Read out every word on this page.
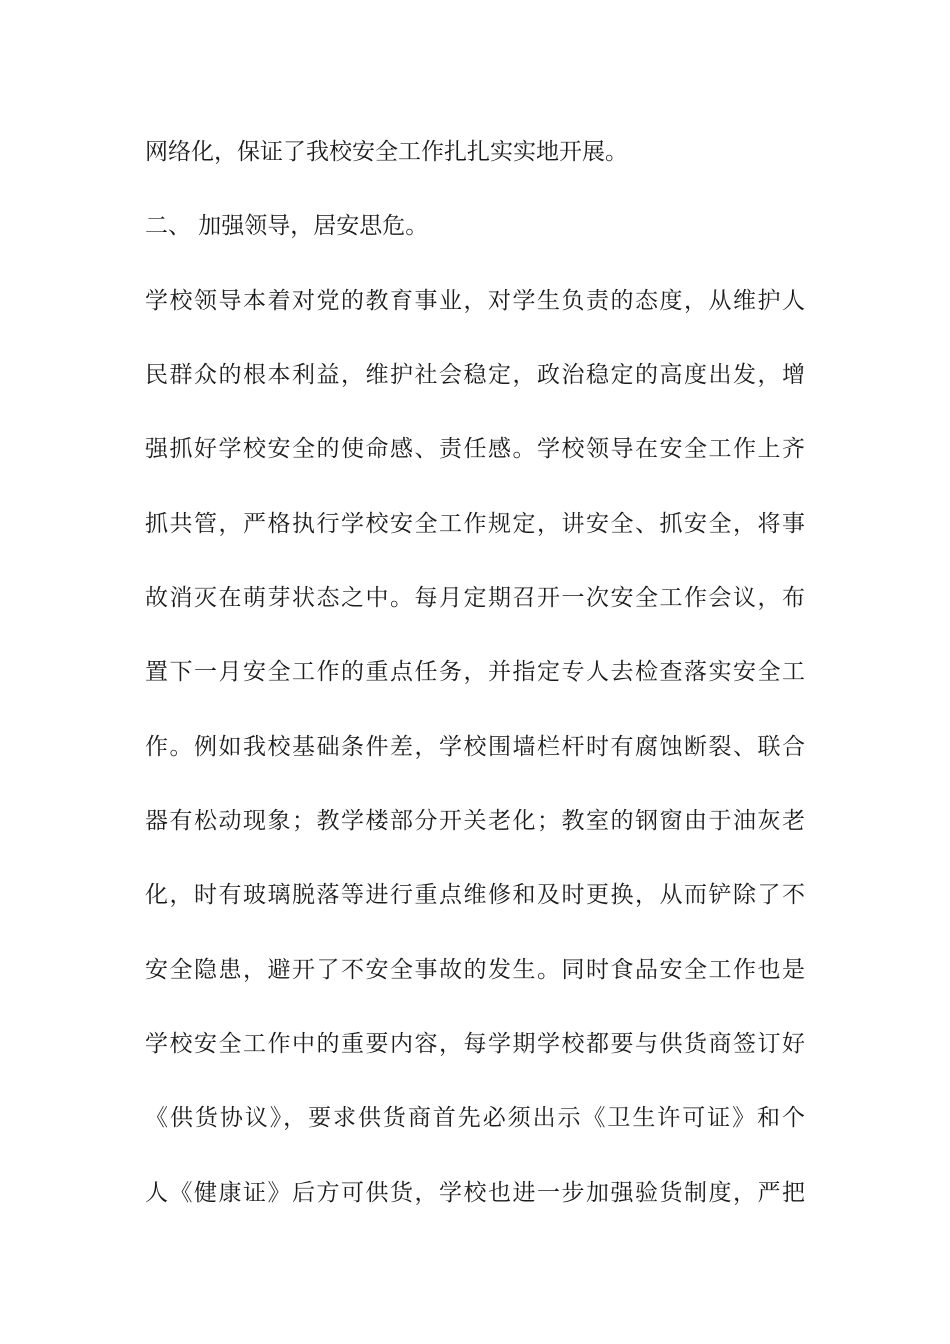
网络化，保证了我校安全工作扎扎实实地开展。
二、 加强领导，居安思危。
学校领导本着对党的教育事业，对学生负责的态度，从维护人
民群众的根本利益，维护社会稳定，政治稳定的高度出发，增
强抓好学校安全的使命感、责任感。学校领导在安全工作上齐
抓共管，严格执行学校安全工作规定，讲安全、抓安全，将事
故消灭在萌芽状态之中。每月定期召开一次安全工作会议，布
置下一月安全工作的重点任务，并指定专人去检查落实安全工
作。例如我校基础条件差，学校围墙栏杆时有腐蚀断裂、联合
器有松动现象；教学楼部分开关老化；教室的钢窗由于油灰老
化，时有玻璃脱落等进行重点维修和及时更换，从而铲除了不
安全隐患，避开了不安全事故的发生。同时食品安全工作也是
学校安全工作中的重要内容，每学期学校都要与供货商签订好
《供货协议》，要求供货商首先必须出示《卫生许可证》和个
人《健康证》后方可供货，学校也进一步加强验货制度，严把
